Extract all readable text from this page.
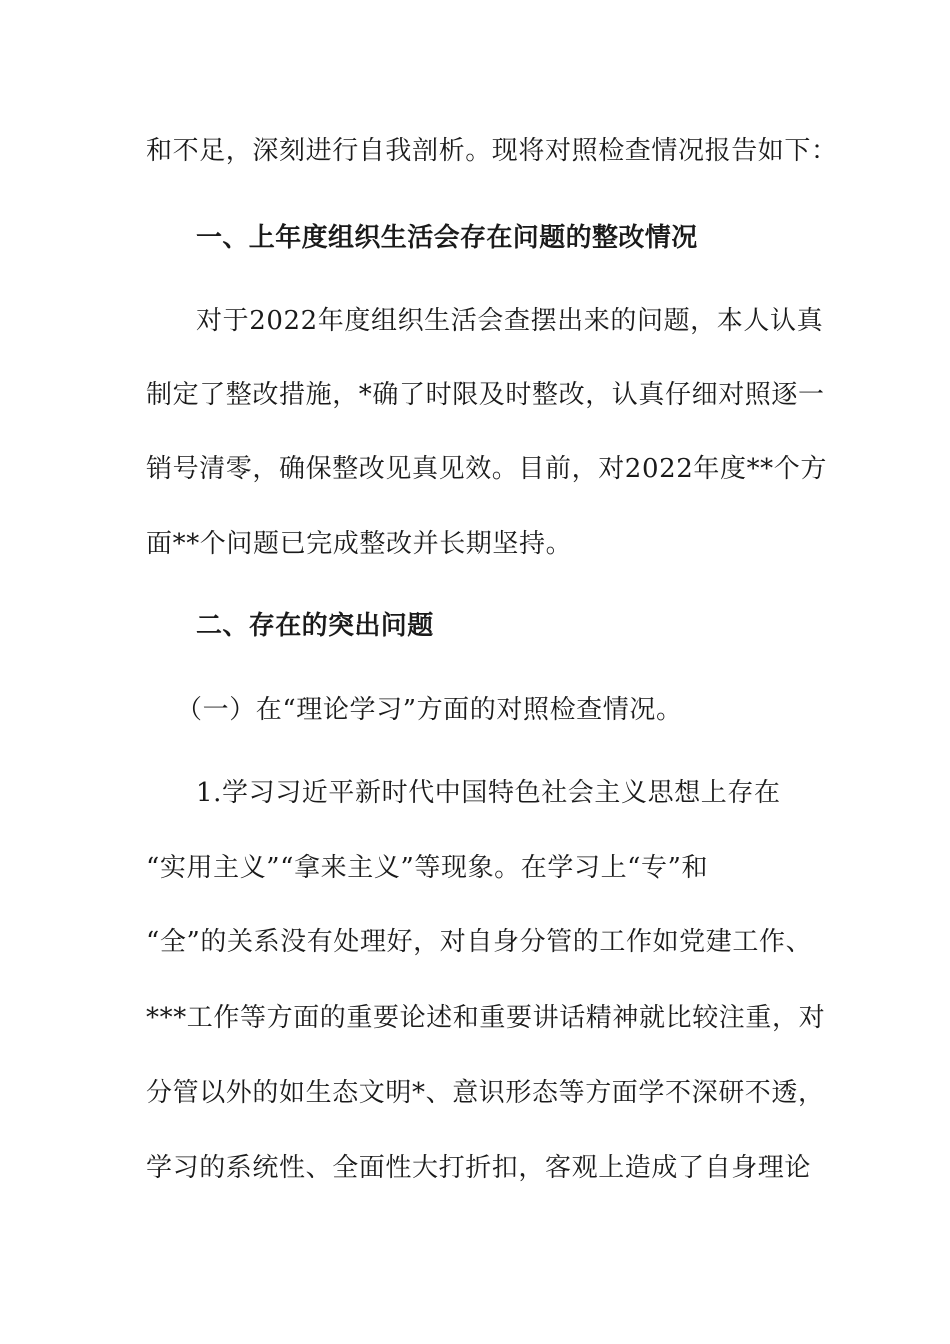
和不足，深刻进行自我剖析。现将对照检查情况报告如下：
一、上年度组织生活会存在问题的整改情况
对于2022年度组织生活会查摆出来的问题，本人认真
制定了整改措施，*确了时限及时整改，认真仔细对照逐一
销号清零，确保整改见真见效。目前，对2022年度**个方
面**个问题已完成整改并长期坚持。
二、存在的突出问题
（一）在“理论学习”方面的对照检查情况。
1.学习习近平新时代中国特色社会主义思想上存在
“实用主义”“拿来主义”等现象。在学习上“专”和
“全”的关系没有处理好，对自身分管的工作如党建工作、
***工作等方面的重要论述和重要讲话精神就比较注重，对
分管以外的如生态文明*、意识形态等方面学不深研不透，
学习的系统性、全面性大打折扣，客观上造成了自身理论
